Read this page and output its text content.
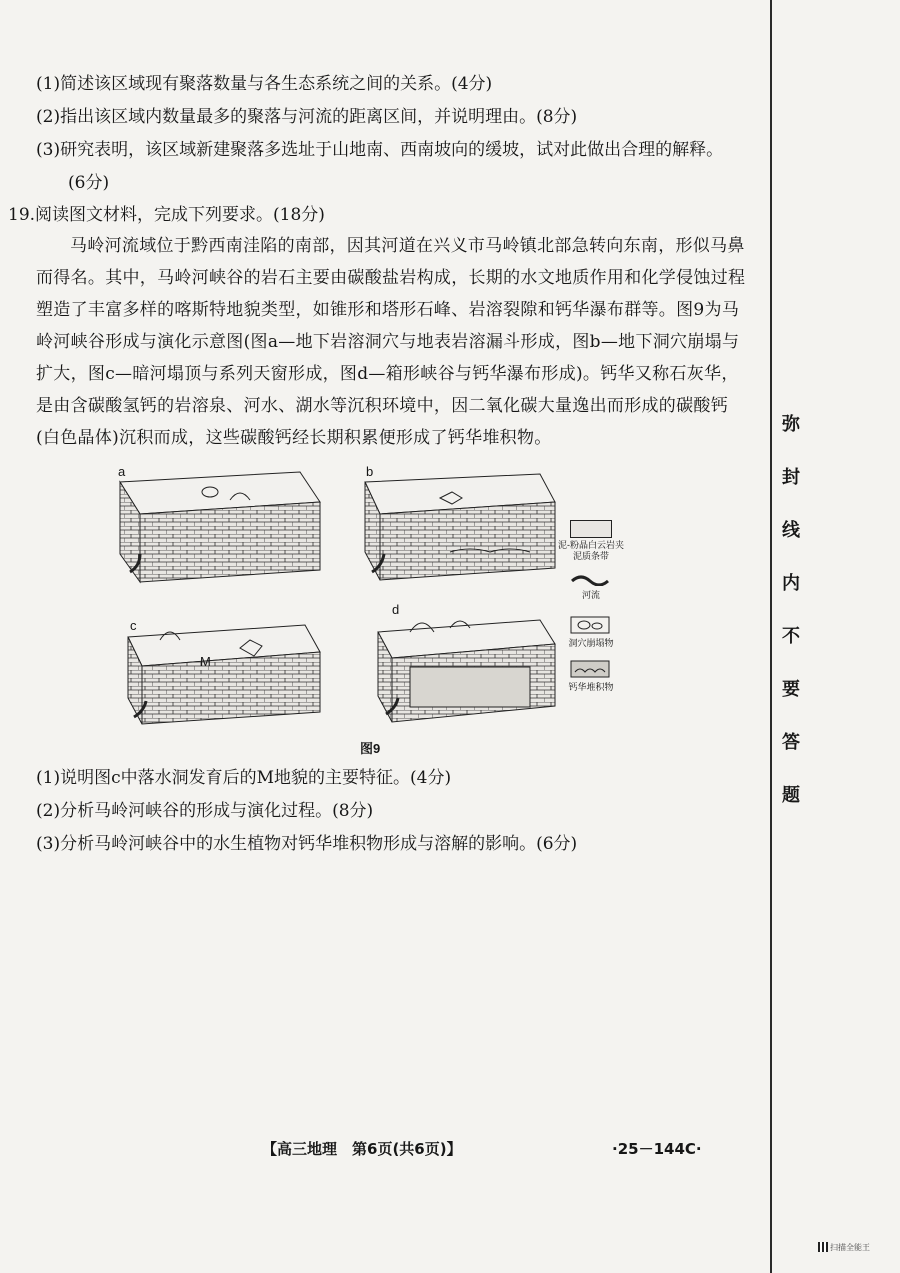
(1)简述该区域现有聚落数量与各生态系统之间的关系。(4分)
(2)指出该区域内数量最多的聚落与河流的距离区间，并说明理由。(8分)
(3)研究表明，该区域新建聚落多选址于山地南、西南坡向的缓坡，试对此做出合理的解释。
(6分)
19.阅读图文材料，完成下列要求。(18分)
马岭河流域位于黔西南洼陷的南部，因其河道在兴义市马岭镇北部急转向东南，形似马鼻而得名。其中，马岭河峡谷的岩石主要由碳酸盐岩构成，长期的水文地质作用和化学侵蚀过程塑造了丰富多样的喀斯特地貌类型，如锥形和塔形石峰、岩溶裂隙和钙华瀑布群等。图9为马岭河峡谷形成与演化示意图(图a—地下岩溶洞穴与地表岩溶漏斗形成，图b—地下洞穴崩塌与扩大，图c—暗河塌顶与系列天窗形成，图d—箱形峡谷与钙华瀑布形成)。钙华又称石灰华，是由含碳酸氢钙的岩溶泉、河水、湖水等沉积环境中，因二氧化碳大量逸出而形成的碳酸钙(白色晶体)沉积而成，这些碳酸钙经长期积累便形成了钙华堆积物。
a	b
c
d
M
泥-粉晶白云岩夹泥质条带
河流
洞穴崩塌物
钙华堆积物
图9
(1)说明图c中落水洞发育后的M地貌的主要特征。(4分)
(2)分析马岭河峡谷的形成与演化过程。(8分)
(3)分析马岭河峡谷中的水生植物对钙华堆积物形成与溶解的影响。(6分)
弥
封
线
内
不
要
答
题
【高三地理　第6页(共6页)】	·25－144C·
扫描全能王
